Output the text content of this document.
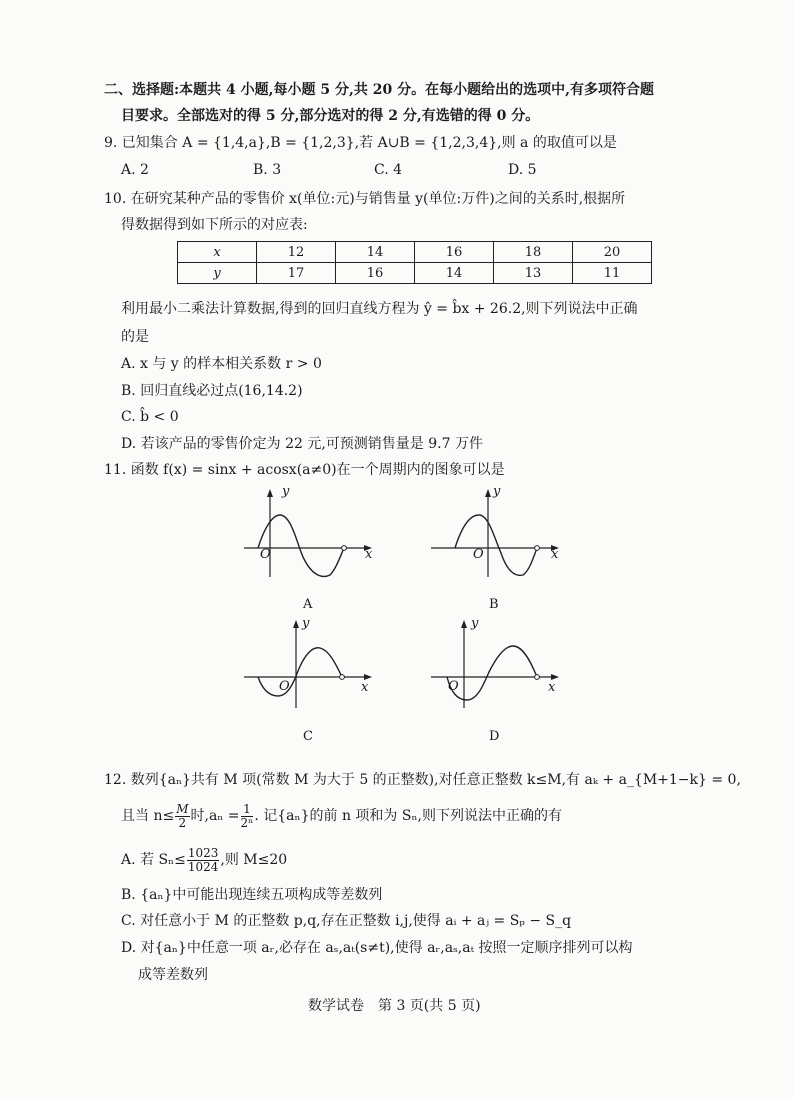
二、选择题:本题共 4 小题,每小题 5 分,共 20 分。在每小题给出的选项中,有多项符合题
目要求。全部选对的得 5 分,部分选对的得 2 分,有选错的得 0 分。
9. 已知集合 A = {1,4,a},B = {1,2,3},若 A∪B = {1,2,3,4},则 a 的取值可以是
A. 2	B. 3	C. 4	D. 5
10. 在研究某种产品的零售价 x(单位:元)与销售量 y(单位:万件)之间的关系时,根据所
得数据得到如下所示的对应表:
x	12	14	16	18	20
y	17	16	14	13	11
利用最小二乘法计算数据,得到的回归直线方程为 ŷ = b̂x + 26.2,则下列说法中正确
的是
A. x 与 y 的样本相关系数 r > 0
B. 回归直线必过点(16,14.2)
C. b̂ < 0
D. 若该产品的零售价定为 22 元,可预测销售量是 9.7 万件
11. 函数 f(x) = sinx + acosx(a≠0)在一个周期内的图象可以是
y
x
O
A
y
x
O
B
y
x
O
C
y
x
O
D
12. 数列{aₙ}共有 M 项(常数 M 为大于 5 的正整数),对任意正整数 k≤M,有 aₖ + a_{M+1−k} = 0,
且当 $n\le \frac{M}{2}$ 时$,a_n = \frac{1}{\text{2ⁿ}}$ . 记{aₙ}的前 n 项和为 Sₙ,则下列说法中正确的有
A. 若 $S_n\le \frac{1023}{1024}$ ,则 M≤20
B. {aₙ}中可能出现连续五项构成等差数列
C. 对任意小于 M 的正整数 p,q,存在正整数 i,j,使得 aᵢ + aⱼ = Sₚ − S_q
D. 对{aₙ}中任意一项 aᵣ,必存在 aₛ,aₜ(s≠t),使得 aᵣ,aₛ,aₜ 按照一定顺序排列可以构
成等差数列
数学试卷　第 3 页(共 5 页)
